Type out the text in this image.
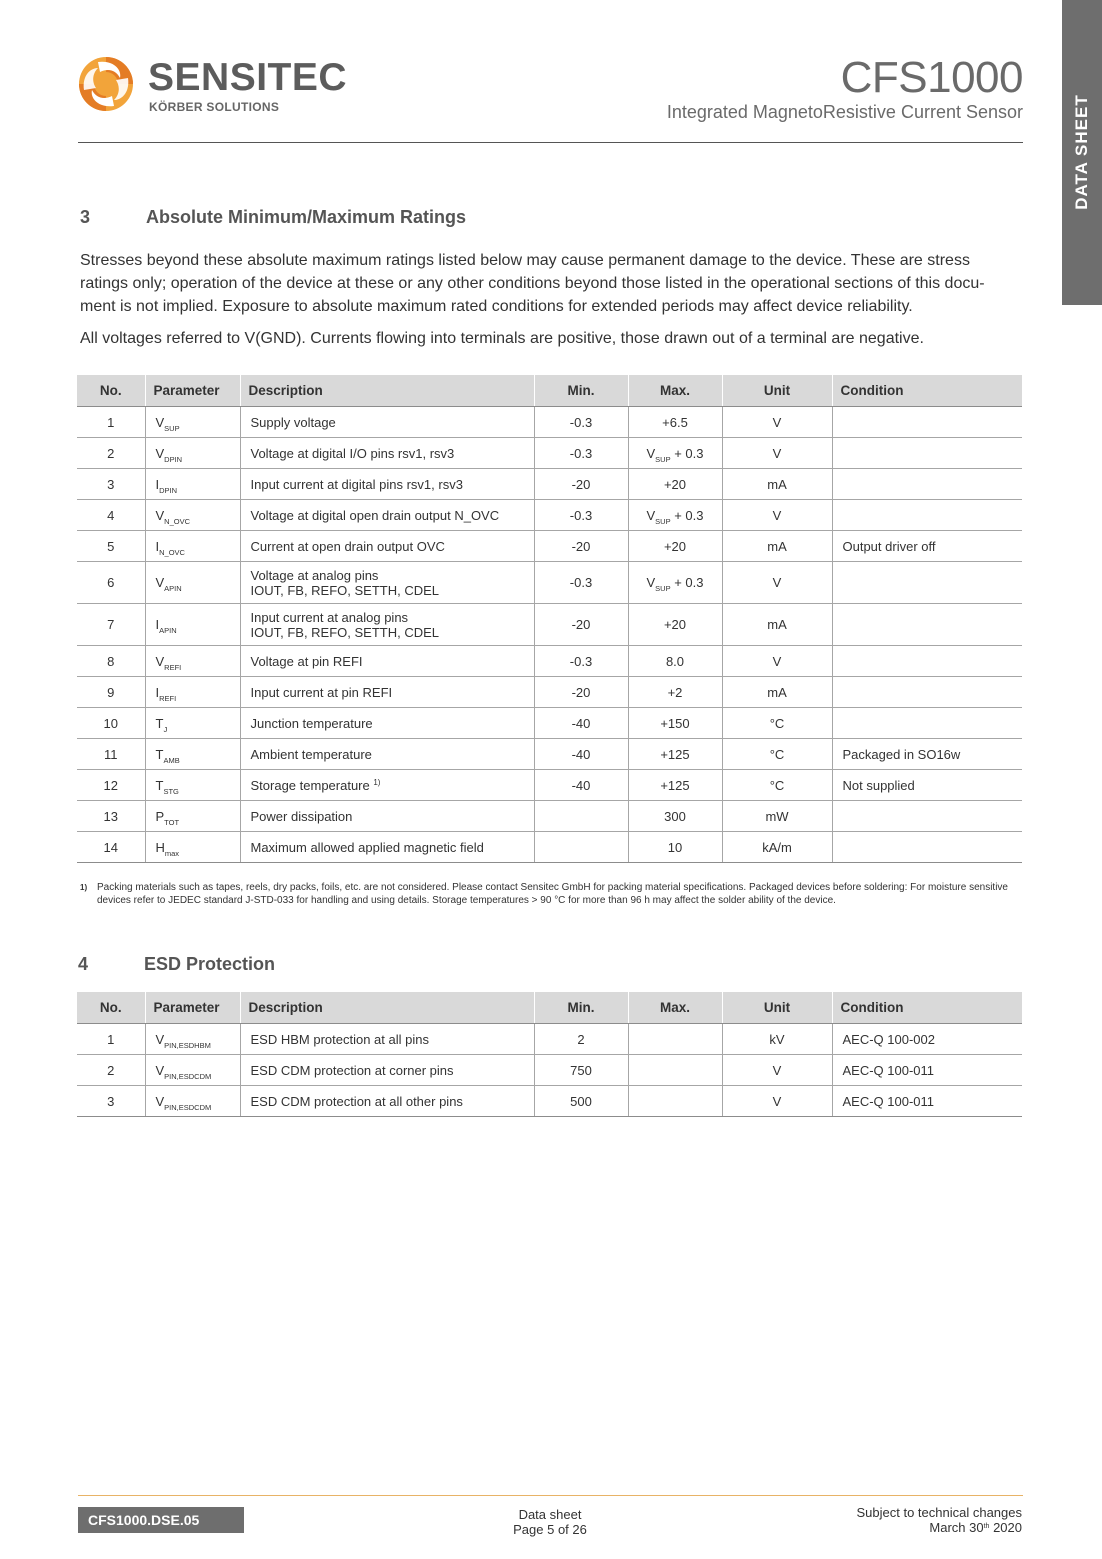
SENSITEC
KÖRBER SOLUTIONS
CFS1000
Integrated MagnetoResistive Current Sensor	DATA SHEET
3	Absolute Minimum/Maximum Ratings
Stresses beyond these absolute maximum ratings listed below may cause permanent damage to the device. These are stress ratings only; operation of the device at these or any other conditions beyond those listed in the operational sections of this docu-ment is not implied. Exposure to absolute maximum rated conditions for extended periods may affect device reliability.
All voltages referred to V(GND). Currents flowing into terminals are positive, those drawn out of a terminal are negative.
No.	Parameter	Description	Min.	Max.	Unit	Condition
1	$V_{SUP}$	Supply voltage	-0.3	+6.5	V	
2	$V_{DPIN}$	Voltage at digital I/O pins rsv1, rsv3	-0.3	$V_{SUP} + 0.3$	V	
3	$I_{DPIN}$	Input current at digital pins rsv1, rsv3	-20	+20	mA	
4	$V_{N\_OVC}$	Voltage at digital open drain output N_OVC	-0.3	$V_{SUP} + 0.3$	V	
5	$I_{N\_OVC}$	Current at open drain output OVC	-20	+20	mA	Output driver off
6	$V_{APIN}$	Voltage at analog pins
IOUT, FB, REFO, SETTH, CDEL	-0.3	$V_{SUP} + 0.3$	V	
7	$I_{APIN}$	Input current at analog pins
IOUT, FB, REFO, SETTH, CDEL	-20	+20	mA	
8	$V_{REFI}$	Voltage at pin REFI	-0.3	8.0	V	
9	$I_{REFI}$	Input current at pin REFI	-20	+2	mA	
10	$T_J$	Junction temperature	-40	+150	°C	
11	$T_{AMB}$	Ambient temperature	-40	+125	°C	Packaged in SO16w
12	$T_{STG}$	Storage temperature $^{1)}$	-40	+125	°C	Not supplied
13	$P_{TOT}$	Power dissipation		300	mW	
14	$H_{max}$	Maximum allowed applied magnetic field		10	kA/m	
1) Packing materials such as tapes, reels, dry packs, foils, etc. are not considered. Please contact Sensitec GmbH for packing material specifications. Packaged devices before soldering: For moisture sensitive devices refer to JEDEC standard J-STD-033 for handling and using details. Storage temperatures > 90 °C for more than 96 h may affect the solder ability of the device.
4	ESD Protection
No.	Parameter	Description	Min.	Max.	Unit	Condition
1	$V_{PIN,ESDHBM}$	ESD HBM protection at all pins	2		kV	AEC-Q 100-002
2	$V_{PIN,ESDCDM}$	ESD CDM protection at corner pins	750		V	AEC-Q 100-011
3	$V_{PIN,ESDCDM}$	ESD CDM protection at all other pins	500		V	AEC-Q 100-011
CFS1000.DSE.05	Data sheet
Page 5 of 26
Subject to technical changes
March 30th 2020
